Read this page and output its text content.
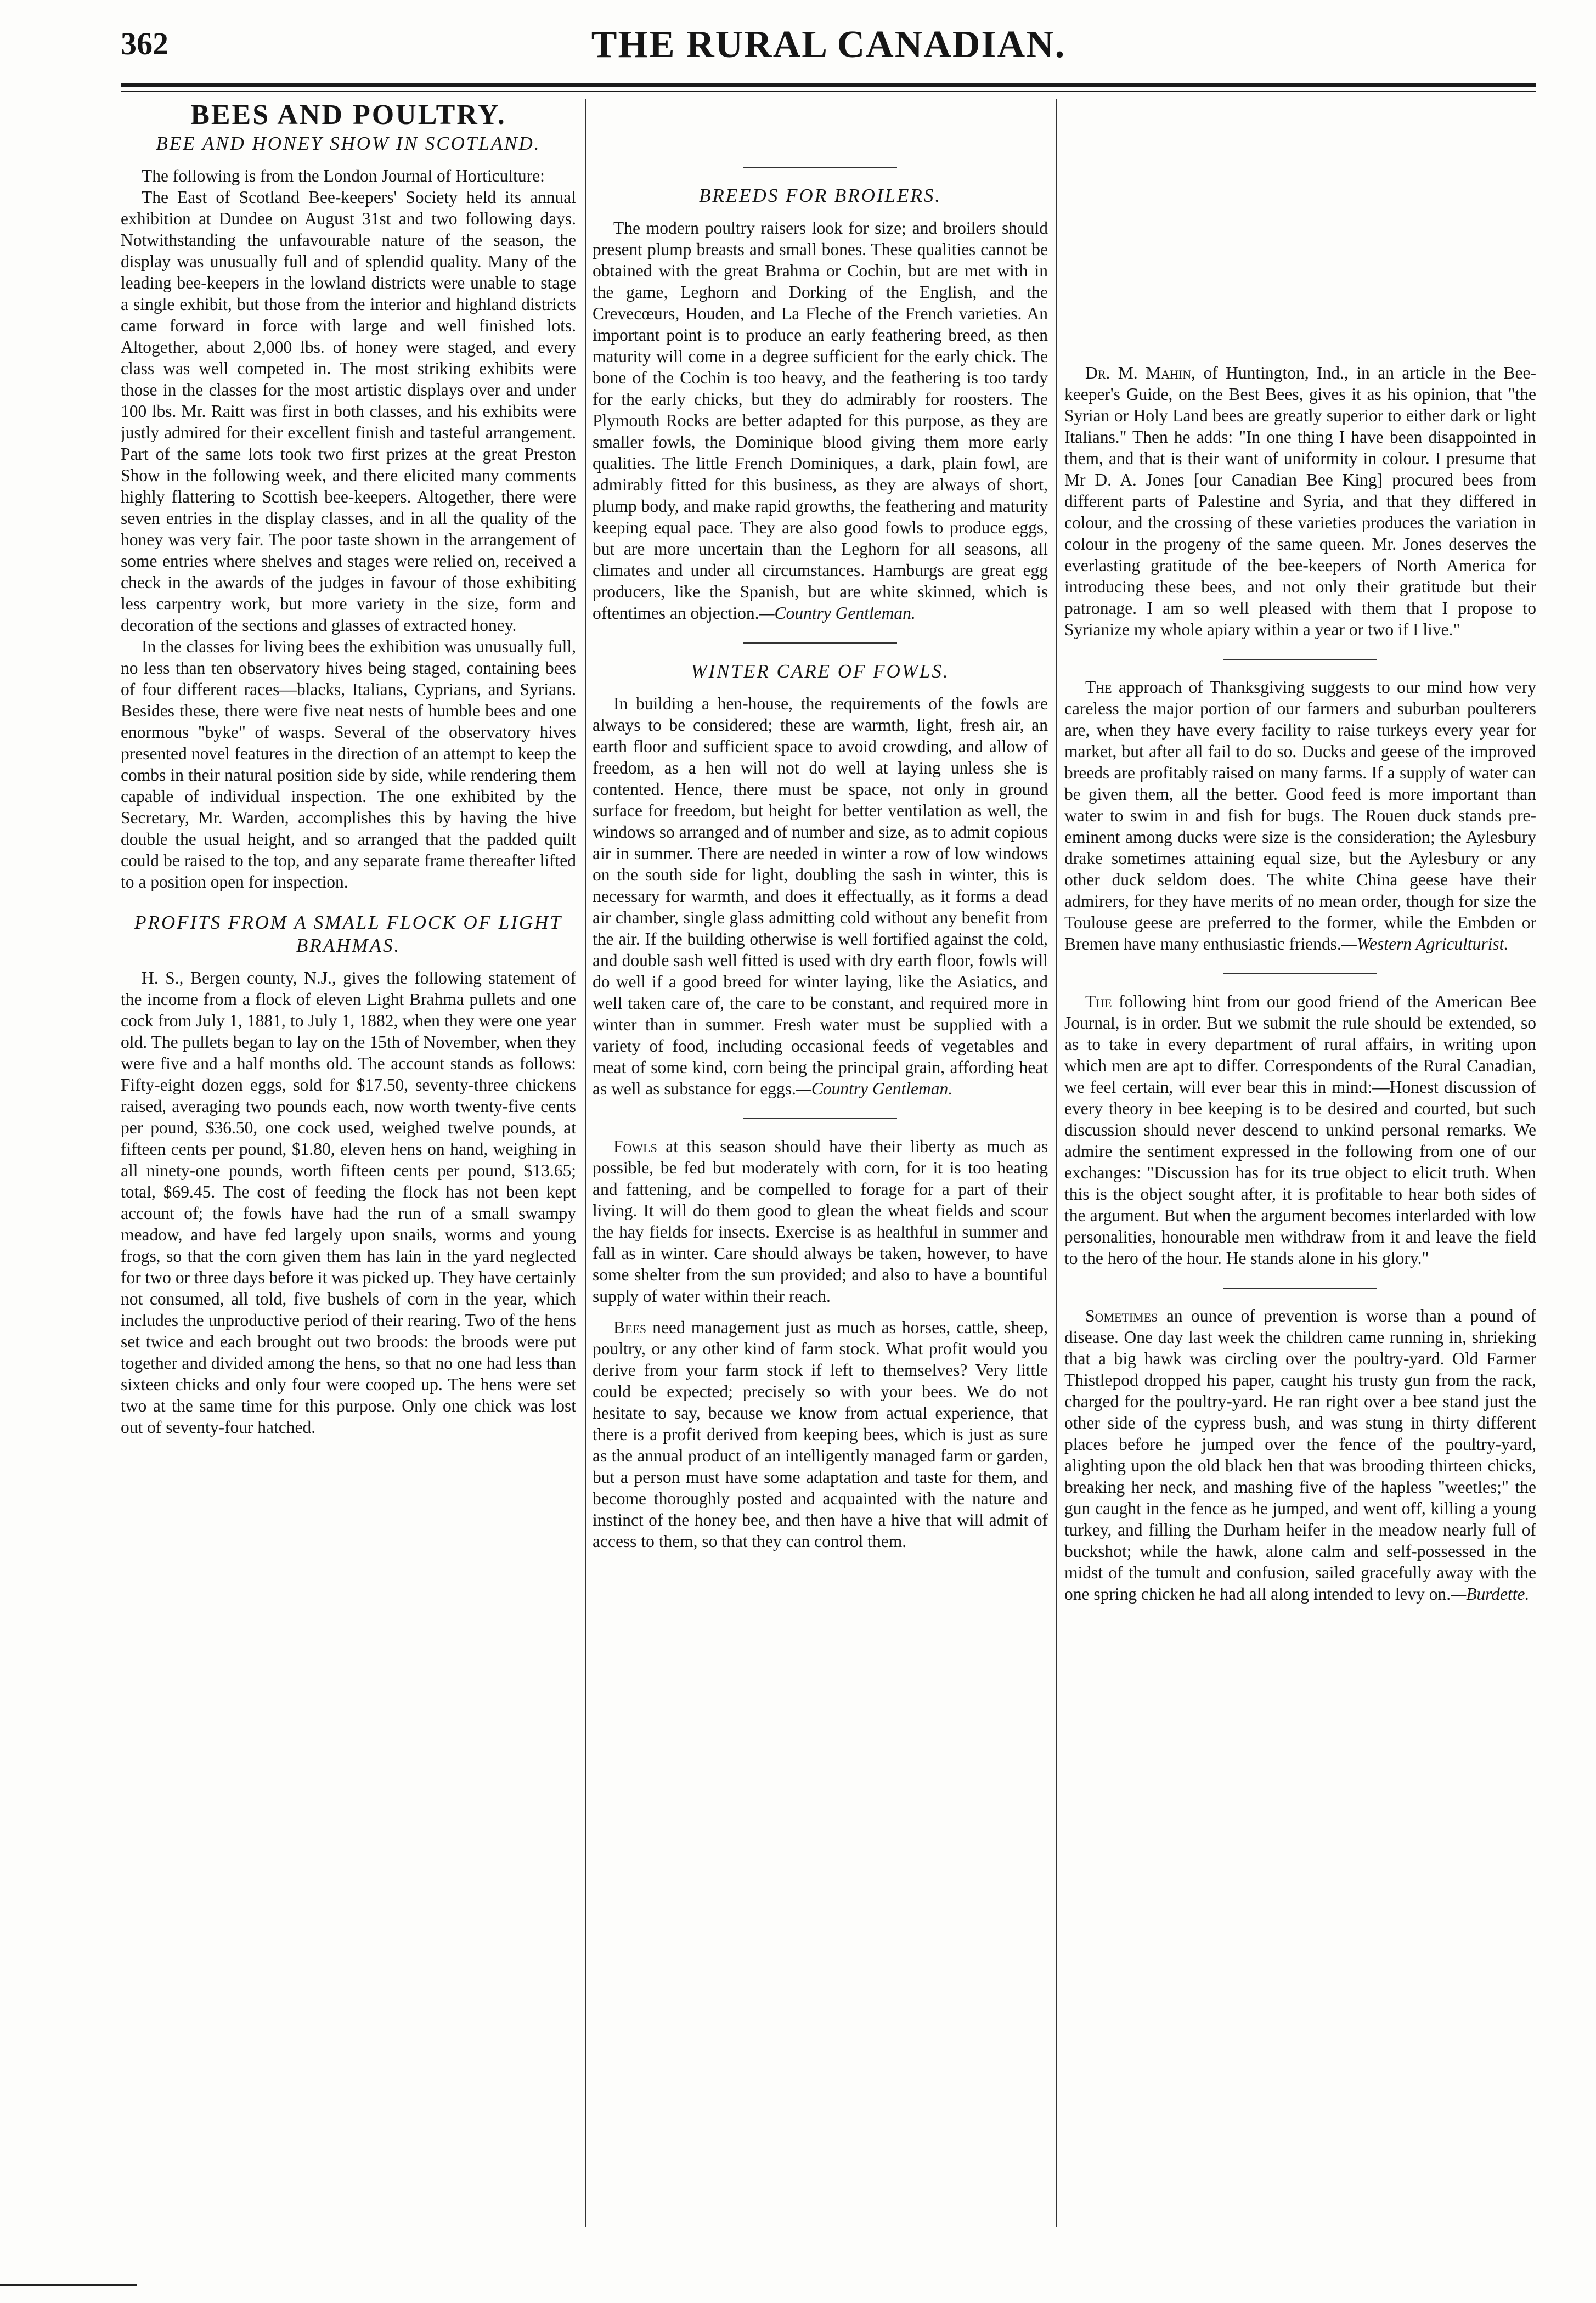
362	THE RURAL CANADIAN.
BEES AND POULTRY.
BEE AND HONEY SHOW IN SCOTLAND.

The following is from the London Journal of Horticulture:

The East of Scotland Bee-keepers' Society held its annual exhibition at Dundee on August 31st and two following days. Notwithstanding the unfavourable nature of the season, the display was unusually full and of splendid quality. Many of the leading bee-keepers in the lowland districts were unable to stage a single exhibit, but those from the interior and highland districts came forward in force with large and well finished lots. Altogether, about 2,000 lbs. of honey were staged, and every class was well competed in. The most striking exhibits were those in the classes for the most artistic displays over and under 100 lbs. Mr. Raitt was first in both classes, and his exhibits were justly admired for their excellent finish and tasteful arrangement. Part of the same lots took two first prizes at the great Preston Show in the following week, and there elicited many comments highly flattering to Scottish bee-keepers. Altogether, there were seven entries in the display classes, and in all the quality of the honey was very fair. The poor taste shown in the arrangement of some entries where shelves and stages were relied on, received a check in the awards of the judges in favour of those exhibiting less carpentry work, but more variety in the size, form and decoration of the sections and glasses of extracted honey.

In the classes for living bees the exhibition was unusually full, no less than ten observatory hives being staged, containing bees of four different races—blacks, Italians, Cyprians, and Syrians. Besides these, there were five neat nests of humble bees and one enormous "byke" of wasps. Several of the observatory hives presented novel features in the direction of an attempt to keep the combs in their natural position side by side, while rendering them capable of individual inspection. The one exhibited by the Secretary, Mr. Warden, accomplishes this by having the hive double the usual height, and so arranged that the padded quilt could be raised to the top, and any separate frame thereafter lifted to a position open for inspection.

PROFITS FROM A SMALL FLOCK OF LIGHT BRAHMAS.

H. S., Bergen county, N.J., gives the following statement of the income from a flock of eleven Light Brahma pullets and one cock from July 1, 1881, to July 1, 1882, when they were one year old. The pullets began to lay on the 15th of November, when they were five and a half months old. The account stands as follows: Fifty-eight dozen eggs, sold for $17.50, seventy-three chickens raised, averaging two pounds each, now worth twenty-five cents per pound, $36.50, one cock used, weighed twelve pounds, at fifteen cents per pound, $1.80, eleven hens on hand, weighing in all ninety-one pounds, worth fifteen cents per pound, $13.65; total, $69.45. The cost of feeding the flock has not been kept account of; the fowls have had the run of a small swampy meadow, and have fed largely upon snails, worms and young frogs, so that the corn given them has lain in the yard neglected for two or three days before it was picked up. They have certainly not consumed, all told, five bushels of corn in the year, which includes the unproductive period of their rearing. Two of the hens set twice and each brought out two broods: the broods were put together and divided among the hens, so that no one had less than sixteen chicks and only four were cooped up. The hens were set two at the same time for this purpose. Only one chick was lost out of seventy-four hatched.

BREEDS FOR BROILERS.

The modern poultry raisers look for size; and broilers should present plump breasts and small bones. These qualities cannot be obtained with the great Brahma or Cochin, but are met with in the game, Leghorn and Dorking of the English, and the Crevecœurs, Houden, and La Fleche of the French varieties. An important point is to produce an early feathering breed, as then maturity will come in a degree sufficient for the early chick. The bone of the Cochin is too heavy, and the feathering is too tardy for the early chicks, but they do admirably for roosters. The Plymouth Rocks are better adapted for this purpose, as they are smaller fowls, the Dominique blood giving them more early qualities. The little French Dominiques, a dark, plain fowl, are admirably fitted for this business, as they are always of short, plump body, and make rapid growths, the feathering and maturity keeping equal pace. They are also good fowls to produce eggs, but are more uncertain than the Leghorn for all seasons, all climates and under all circumstances. Hamburgs are great egg producers, like the Spanish, but are white skinned, which is oftentimes an objection.—Country Gentleman.

WINTER CARE OF FOWLS.

In building a hen-house, the requirements of the fowls are always to be considered; these are warmth, light, fresh air, an earth floor and sufficient space to avoid crowding, and allow of freedom, as a hen will not do well at laying unless she is contented. Hence, there must be space, not only in ground surface for freedom, but height for better ventilation as well, the windows so arranged and of number and size, as to admit copious air in summer. There are needed in winter a row of low windows on the south side for light, doubling the sash in winter, this is necessary for warmth, and does it effectually, as it forms a dead air chamber, single glass admitting cold without any benefit from the air. If the building otherwise is well fortified against the cold, and double sash well fitted is used with dry earth floor, fowls will do well if a good breed for winter laying, like the Asiatics, and well taken care of, the care to be constant, and required more in winter than in summer. Fresh water must be supplied with a variety of food, including occasional feeds of vegetables and meat of some kind, corn being the principal grain, affording heat as well as substance for eggs.—Country Gentleman.

Fowls at this season should have their liberty as much as possible, be fed but moderately with corn, for it is too heating and fattening, and be compelled to forage for a part of their living. It will do them good to glean the wheat fields and scour the hay fields for insects. Exercise is as healthful in summer and fall as in winter. Care should always be taken, however, to have some shelter from the sun provided; and also to have a bountiful supply of water within their reach.

Bees need management just as much as horses, cattle, sheep, poultry, or any other kind of farm stock. What profit would you derive from your farm stock if left to themselves? Very little could be expected; precisely so with your bees. We do not hesitate to say, because we know from actual experience, that there is a profit derived from keeping bees, which is just as sure as the annual product of an intelligently managed farm or garden, but a person must have some adaptation and taste for them, and become thoroughly posted and acquainted with the nature and instinct of the honey bee, and then have a hive that will admit of access to them, so that they can control them.

Dr. M. Mahin, of Huntington, Ind., in an article in the Bee-keeper's Guide, on the Best Bees, gives it as his opinion, that "the Syrian or Holy Land bees are greatly superior to either dark or light Italians." Then he adds: "In one thing I have been disappointed in them, and that is their want of uniformity in colour. I presume that Mr D. A. Jones [our Canadian Bee King] procured bees from different parts of Palestine and Syria, and that they differed in colour, and the crossing of these varieties produces the variation in colour in the progeny of the same queen. Mr. Jones deserves the everlasting gratitude of the bee-keepers of North America for introducing these bees, and not only their gratitude but their patronage. I am so well pleased with them that I propose to Syrianize my whole apiary within a year or two if I live."

The approach of Thanksgiving suggests to our mind how very careless the major portion of our farmers and suburban poulterers are, when they have every facility to raise turkeys every year for market, but after all fail to do so. Ducks and geese of the improved breeds are profitably raised on many farms. If a supply of water can be given them, all the better. Good feed is more important than water to swim in and fish for bugs. The Rouen duck stands pre-eminent among ducks were size is the consideration; the Aylesbury drake sometimes attaining equal size, but the Aylesbury or any other duck seldom does. The white China geese have their admirers, for they have merits of no mean order, though for size the Toulouse geese are preferred to the former, while the Embden or Bremen have many enthusiastic friends.—Western Agriculturist.

The following hint from our good friend of the American Bee Journal, is in order. But we submit the rule should be extended, so as to take in every department of rural affairs, in writing upon which men are apt to differ. Correspondents of the Rural Canadian, we feel certain, will ever bear this in mind:—Honest discussion of every theory in bee keeping is to be desired and courted, but such discussion should never descend to unkind personal remarks. We admire the sentiment expressed in the following from one of our exchanges: "Discussion has for its true object to elicit truth. When this is the object sought after, it is profitable to hear both sides of the argument. But when the argument becomes interlarded with low personalities, honourable men withdraw from it and leave the field to the hero of the hour. He stands alone in his glory."

Sometimes an ounce of prevention is worse than a pound of disease. One day last week the children came running in, shrieking that a big hawk was circling over the poultry-yard. Old Farmer Thistlepod dropped his paper, caught his trusty gun from the rack, charged for the poultry-yard. He ran right over a bee stand just the other side of the cypress bush, and was stung in thirty different places before he jumped over the fence of the poultry-yard, alighting upon the old black hen that was brooding thirteen chicks, breaking her neck, and mashing five of the hapless "weetles;" the gun caught in the fence as he jumped, and went off, killing a young turkey, and filling the Durham heifer in the meadow nearly full of buckshot; while the hawk, alone calm and self-possessed in the midst of the tumult and confusion, sailed gracefully away with the one spring chicken he had all along intended to levy on.—Burdette.
